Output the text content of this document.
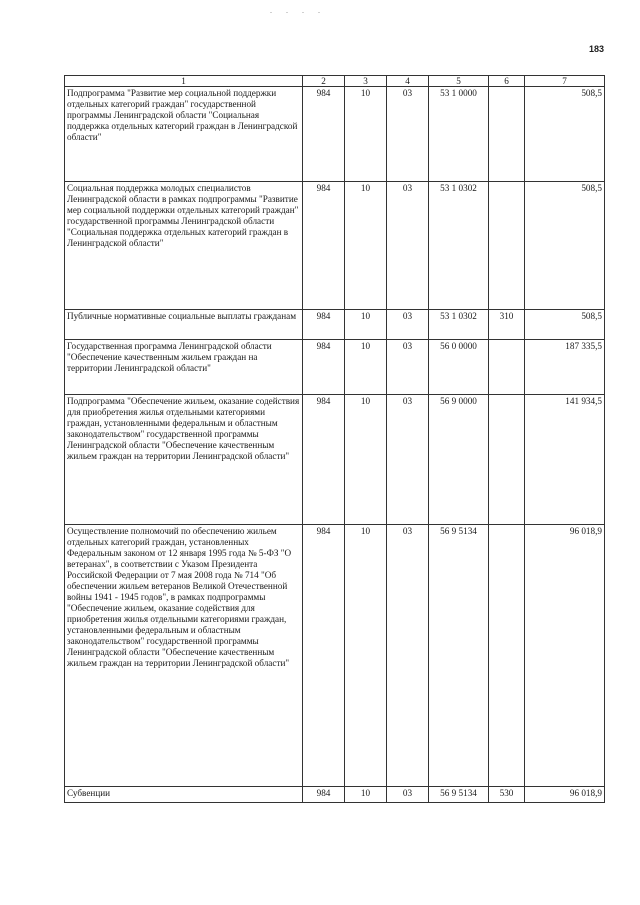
. . . .
183
1	2	3	4	5	6	7
Подпрограмма "Развитие мер социальной поддержки отдельных категорий граждан" государственной программы Ленинградской области "Социальная поддержка отдельных категорий граждан в Ленинградской области"	984	10	03	53 1 0000		508,5
Социальная поддержка молодых специалистов Ленинградской области в рамках подпрограммы "Развитие мер социальной поддержки отдельных категорий граждан" государственной программы Ленинградской области "Социальная поддержка отдельных категорий граждан в Ленинградской области"	984	10	03	53 1 0302		508,5
Публичные нормативные социальные выплаты гражданам	984	10	03	53 1 0302	310	508,5
Государственная программа Ленинградской области "Обеспечение качественным жильем граждан на территории Ленинградской области"	984	10	03	56 0 0000		187 335,5
Подпрограмма "Обеспечение жильем, оказание содействия для приобретения жилья отдельными категориями граждан, установленными федеральным и областным законодательством" государственной программы Ленинградской области "Обеспечение качественным жильем граждан на территории Ленинградской области"	984	10	03	56 9 0000		141 934,5
Осуществление полномочий по обеспечению жильем отдельных категорий граждан, установленных Федеральным законом от 12 января 1995 года № 5-ФЗ "О ветеранах", в соответствии с Указом Президента Российской Федерации от 7 мая 2008 года № 714 "Об обеспечении жильем ветеранов Великой Отечественной войны 1941 - 1945 годов", в рамках подпрограммы "Обеспечение жильем, оказание содействия для приобретения жилья отдельными категориями граждан, установленными федеральным и областным законодательством" государственной программы Ленинградской области "Обеспечение качественным жильем граждан на территории Ленинградской области"	984	10	03	56 9 5134		96 018,9
Субвенции	984	10	03	56 9 5134	530	96 018,9
